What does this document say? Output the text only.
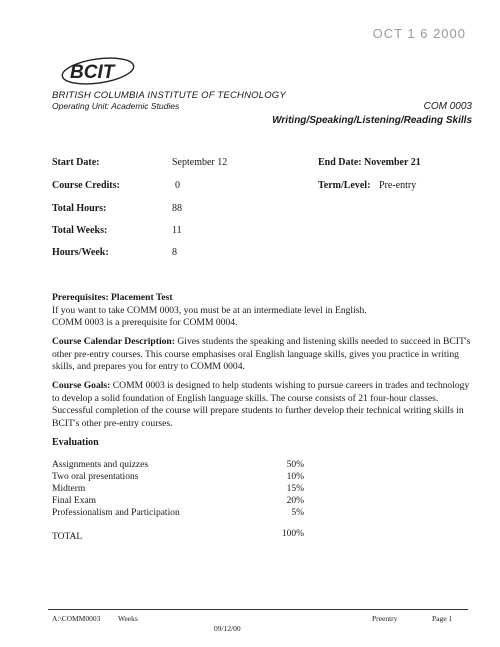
OCT 1 6 2000
BCIT
BRITISH COLUMBIA INSTITUTE OF TECHNOLOGY
Operating Unit: Academic Studies	COM 0003
Writing/Speaking/Listening/Reading Skills
Start Date:	September 12	End Date: November 21
Course Credits:	0	Term/Level: Pre-entry
Total Hours:	88
Total Weeks:	11
Hours/Week:	8
Prerequisites: Placement Test
If you want to take COMM 0003, you must be at an intermediate level in English.
COMM 0003 is a prerequisite for COMM 0004.
Course Calendar Description: Gives students the speaking and listening skills needed to succeed in BCIT's other pre-entry courses. This course emphasises oral English language skills, gives you practice in writing skills, and prepares you for entry to COMM 0004.
Course Goals: COMM 0003 is designed to help students wishing to pursue careers in trades and technology to develop a solid foundation of English language skills. The course consists of 21 four-hour classes. Successful completion of the course will prepare students to further develop their technical writing skills in BCIT's other pre-entry courses.
Evaluation
Assignments and quizzes	50%
Two oral presentations	10%
Midterm	15%
Final Exam	20%
Professionalism and Participation	5%
TOTAL	100%
A:\COMM0003 Weeks
09/12/00
Preentry	Page 1
